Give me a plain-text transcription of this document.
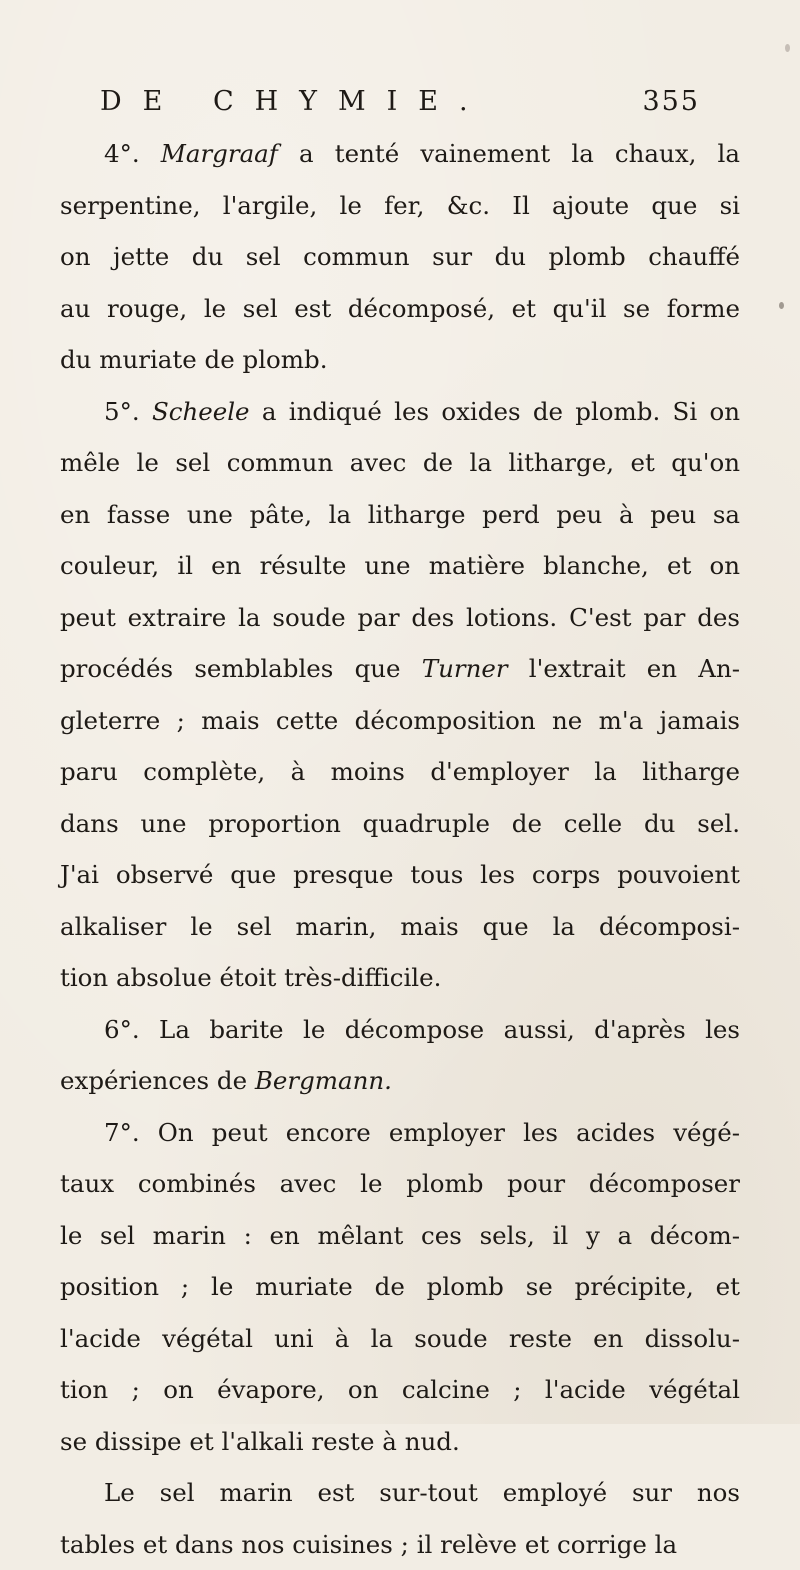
DE CHYMIE.	355
4°. Margraaf a tenté vainement la chaux, la
serpentine, l'argile, le fer, &c. Il ajoute que si
on jette du sel commun sur du plomb chauffé
au rouge, le sel est décomposé, et qu'il se forme
du muriate de plomb.
5°. Scheele a indiqué les oxides de plomb. Si on
mêle le sel commun avec de la litharge, et qu'on
en fasse une pâte, la litharge perd peu à peu sa
couleur, il en résulte une matière blanche, et on
peut extraire la soude par des lotions. C'est par des
procédés semblables que Turner l'extrait en An-
gleterre ; mais cette décomposition ne m'a jamais
paru complète, à moins d'employer la litharge
dans une proportion quadruple de celle du sel.
J'ai observé que presque tous les corps pouvoient
alkaliser le sel marin, mais que la décomposi-
tion absolue étoit très-difficile.
6°. La barite le décompose aussi, d'après les
expériences de Bergmann.
7°. On peut encore employer les acides végé-
taux combinés avec le plomb pour décomposer
le sel marin : en mêlant ces sels, il y a décom-
position ; le muriate de plomb se précipite, et
l'acide végétal uni à la soude reste en dissolu-
tion ; on évapore, on calcine ; l'acide végétal
se dissipe et l'alkali reste à nud.
Le sel marin est sur-tout employé sur nos
tables et dans nos cuisines ; il relève et corrige la
